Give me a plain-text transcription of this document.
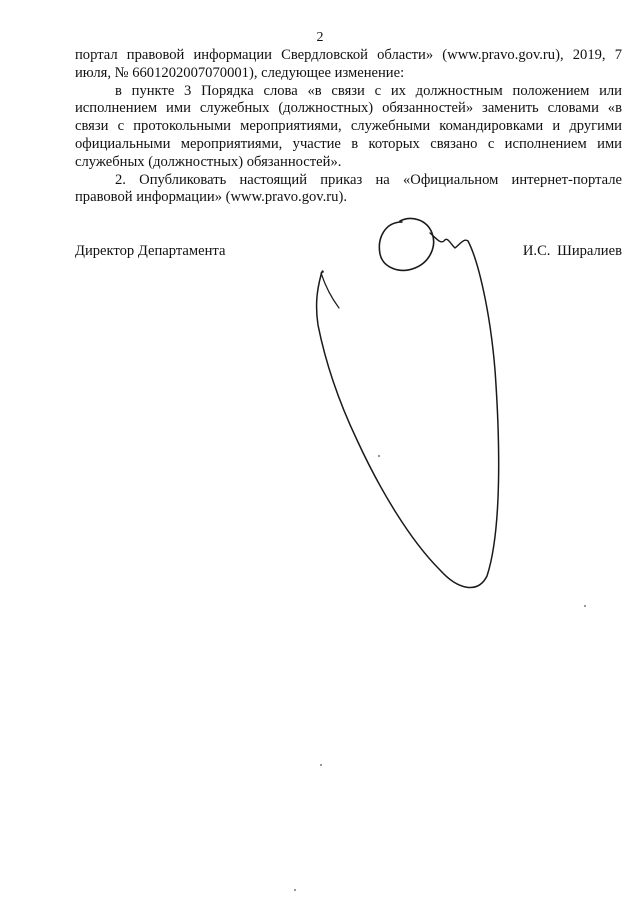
2

портал правовой информации Свердловской области» (www.pravo.gov.ru), 2019, 7 июля, № 6601202007070001), следующее изменение:

в пункте 3 Порядка слова «в связи с их должностным положением или исполнением ими служебных (должностных) обязанностей» заменить словами «в связи с протокольными мероприятиями, служебными командировками и другими официальными мероприятиями, участие в которых связано с исполнением ими служебных (должностных) обязанностей».

2. Опубликовать настоящий приказ на «Официальном интернет-портале правовой информации» (www.pravo.gov.ru).

Директор Департамента	И.С. Ширалиев
